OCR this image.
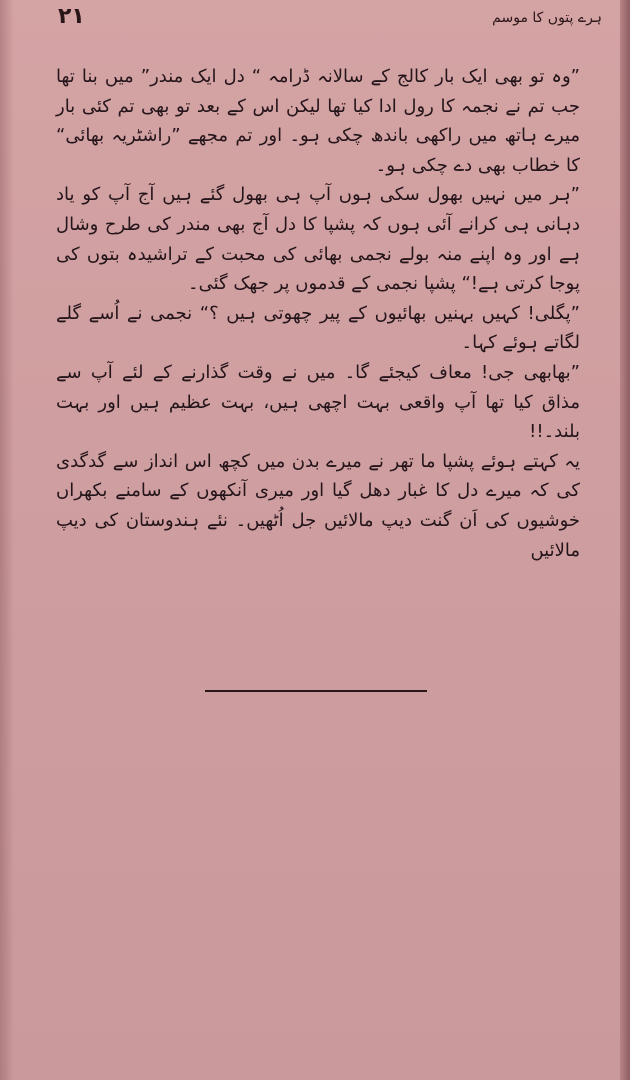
۲۱	ہرے پتوں کا موسم

”وہ تو بھی ایک بار کالج کے سالانہ ڈرامہ “ دل ایک مندر” میں بنا تھا جب تم نے نجمہ کا رول ادا کیا تھا لیکن اس کے بعد تو بھی تم کئی بار میرے ہاتھ میں راکھی باندھ چکی ہو۔ اور تم مجھے ”راشٹریہ بھائی“ کا خطاب بھی دے چکی ہو۔

”ہر میں نہیں بھول سکی ہوں آپ ہی بھول گئے ہیں آج آپ کو یاد دہانی ہی کرانے آئی ہوں کہ پشپا کا دل آج بھی مندر کی طرح وشال ہے اور وہ اپنے منہ بولے نجمی بھائی کی محبت کے تراشیدہ بتوں کی پوجا کرتی ہے!“ پشپا نجمی کے قدموں پر جھک گئی۔

”پگلی! کہیں بہنیں بھائیوں کے پیر چھوتی ہیں ؟“ نجمی نے اُسے گلے لگاتے ہوئے کہا۔

”بھابھی جی! معاف کیجئے گا۔ میں نے وقت گذارنے کے لئے آپ سے مذاق کیا تھا آپ واقعی بہت اچھی ہیں، بہت عظیم ہیں اور بہت بلند۔!!

یہ کہتے ہوئے پشپا ما تھر نے میرے بدن میں کچھ اس انداز سے گدگدی کی کہ میرے دل کا غبار دھل گیا اور میری آنکھوں کے سامنے بکھراں خوشیوں کی اَن گنت دیپ مالائیں جل اُٹھیں۔ نئے ہندوستان کی دیپ مالائیں
